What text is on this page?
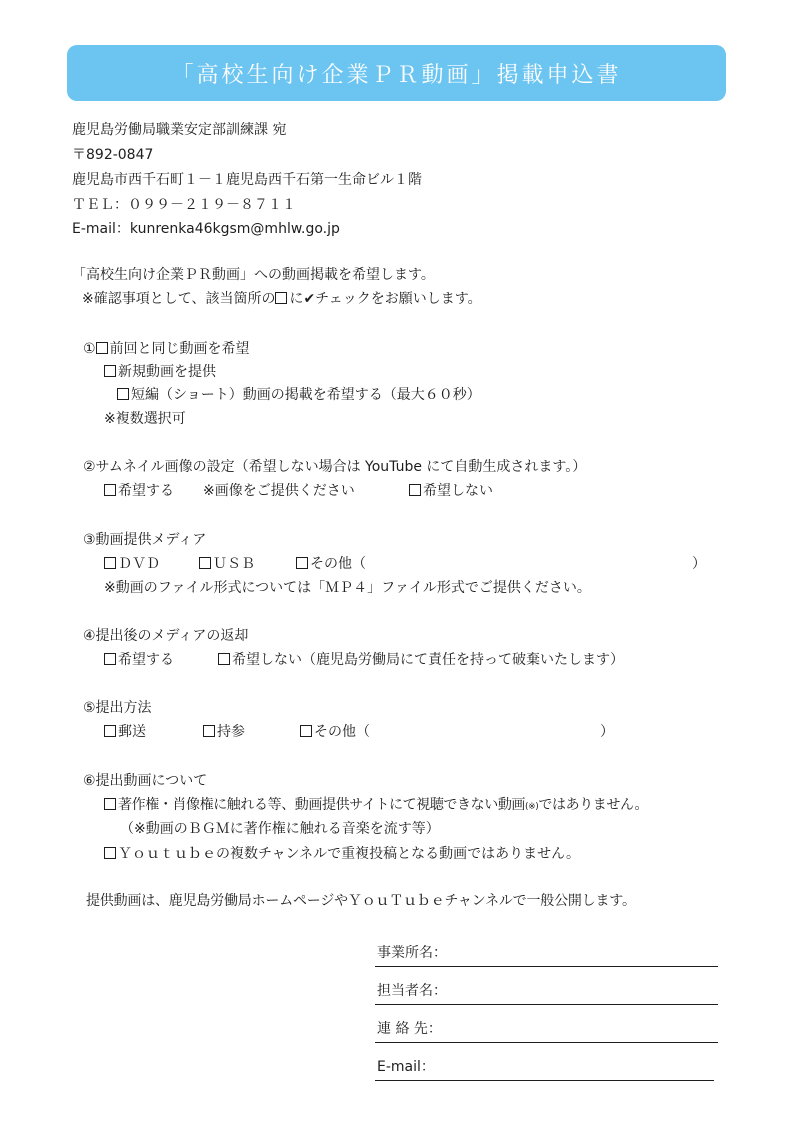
「高校生向け企業ＰＲ動画」掲載申込書
鹿児島労働局職業安定部訓練課 宛
〒892-0847
鹿児島市西千石町１－１鹿児島西千石第一生命ビル１階
ＴＥＬ：０９９－２１９－８７１１
E-mail：kunrenka46kgsm@mhlw.go.jp
「高校生向け企業ＰＲ動画」への動画掲載を希望します。
※確認事項として、該当箇所の に✔チェックをお願いします。
① 前回と同じ動画を希望
新規動画を提供
短編（ショート）動画の掲載を希望する（最大６０秒）
※複数選択可
②サムネイル画像の設定（希望しない場合は YouTube にて自動生成されます。）
希望する ※画像をご提供ください	希望しない
③動画提供メディア
ＤＶＤ	ＵＳＢ	その他（	）
※動画のファイル形式については「ＭＰ４」ファイル形式でご提供ください。
④提出後のメディアの返却
希望する	希望しない（鹿児島労働局にて責任を持って破棄いたします）
⑤提出方法
郵送	持参	その他（	）
⑥提出動画について
著作権・肖像権に触れる等、動画提供サイトにて視聴できない動画(※)ではありません。
（※動画のＢＧＭに著作権に触れる音楽を流す等）
Ｙｏｕｔｕｂｅの複数チャンネルで重複投稿となる動画ではありません。
提供動画は、鹿児島労働局ホームページやＹｏｕＴｕｂｅチャンネルで一般公開します。
事業所名：
担当者名：
連 絡 先：
E-mail：
